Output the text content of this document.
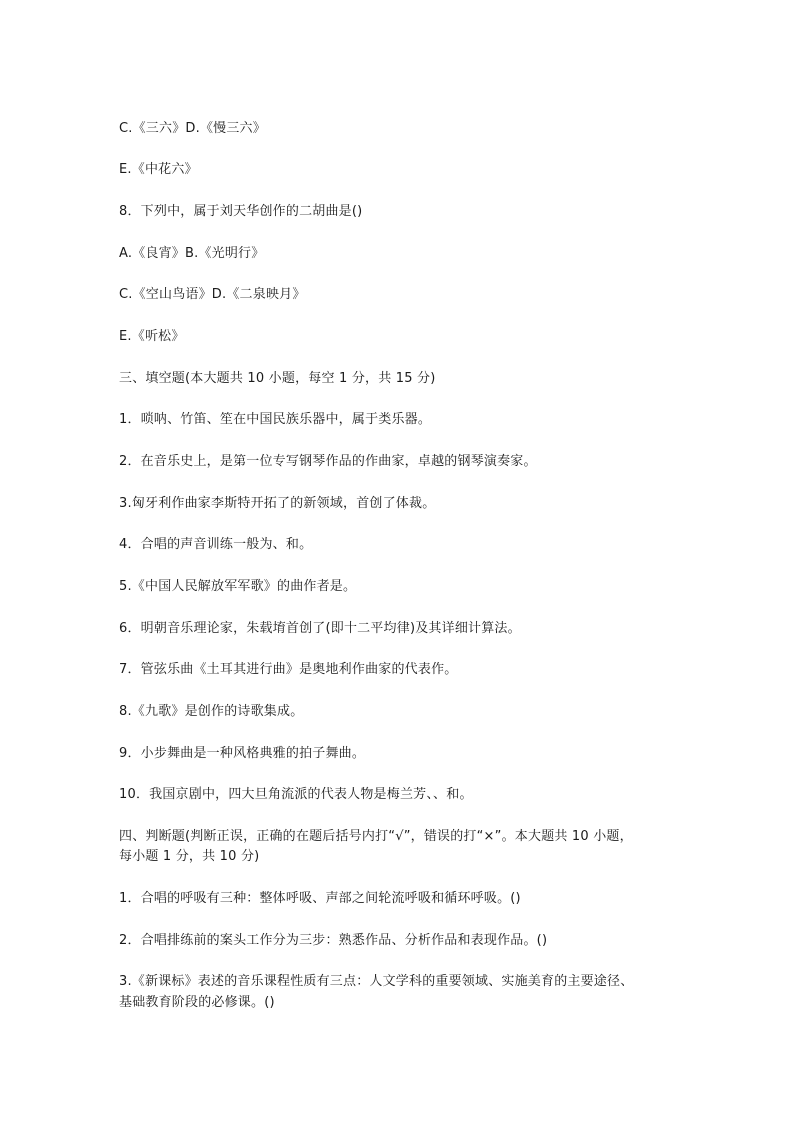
C.《三六》D.《慢三六》
E.《中花六》
8．下列中，属于刘天华创作的二胡曲是()
A.《良宵》B.《光明行》
C.《空山鸟语》D.《二泉映月》
E.《听松》
三、填空题(本大题共 10 小题，每空 1 分，共 15 分)
1．唢呐、竹笛、笙在中国民族乐器中，属于类乐器。
2．在音乐史上，是第一位专写钢琴作品的作曲家，卓越的钢琴演奏家。
3.匈牙利作曲家李斯特开拓了的新领域，首创了体裁。
4．合唱的声音训练一般为、和。
5.《中国人民解放军军歌》的曲作者是。
6．明朝音乐理论家，朱载堉首创了(即十二平均律)及其详细计算法。
7．管弦乐曲《土耳其进行曲》是奥地利作曲家的代表作。
8.《九歌》是创作的诗歌集成。
9．小步舞曲是一种风格典雅的拍子舞曲。
10．我国京剧中，四大旦角流派的代表人物是梅兰芳、、和。
四、判断题(判断正误，正确的在题后括号内打“√”，错误的打“×”。本大题共 10 小题，
每小题 1 分，共 10 分)
1．合唱的呼吸有三种：整体呼吸、声部之间轮流呼吸和循环呼吸。()
2．合唱排练前的案头工作分为三步：熟悉作品、分析作品和表现作品。()
3.《新课标》表述的音乐课程性质有三点：人文学科的重要领域、实施美育的主要途径、
基础教育阶段的必修课。()
